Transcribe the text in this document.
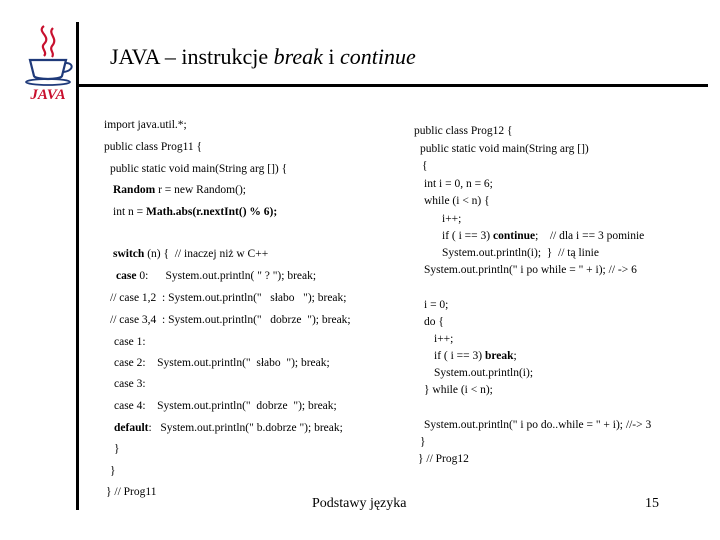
JAVA
JAVA – instrukcje break i continue
import java.util.*;
public class Prog11 {
public static void main(String arg []) {
Random r = new Random();
int n = Math.abs(r.nextInt() % 6);
switch (n) {  // inaczej niż w C++
case 0:      System.out.println( " ? "); break;
// case 1,2  : System.out.println("   słabo   "); break;
// case 3,4  : System.out.println("   dobrze  "); break;
case 1:
case 2:    System.out.println("  słabo  "); break;
case 3:
case 4:    System.out.println("  dobrze  "); break;
default:   System.out.println(" b.dobrze "); break;
}
}
} // Prog11
public class Prog12 {
public static void main(String arg [])
{
int i = 0, n = 6;
while (i < n) {
i++;
if ( i == 3) continue;    // dla i == 3 pominie
System.out.println(i);  }  // tą linie
System.out.println(" i po while = " + i); // -> 6
i = 0;
do {
i++;
if ( i == 3) break;
System.out.println(i);
} while (i < n);
System.out.println(" i po do..while = " + i); //-> 3
}
} // Prog12
Podstawy języka	15
